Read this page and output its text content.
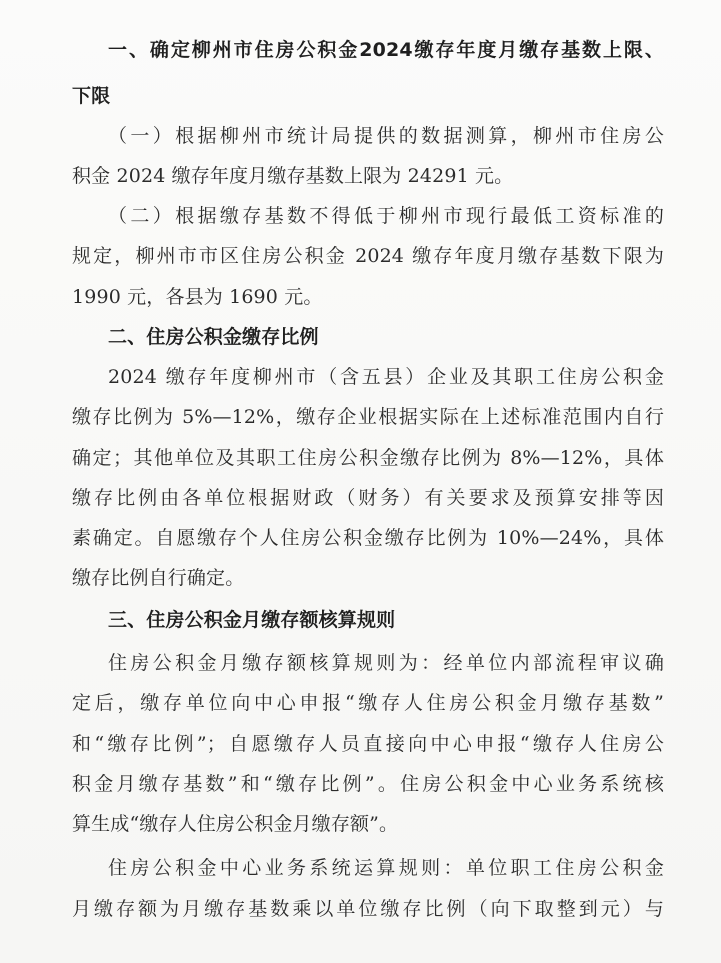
一、确定柳州市住房公积金2024缴存年度月缴存基数上限、
下限
（一）根据柳州市统计局提供的数据测算，柳州市住房公
积金 2024 缴存年度月缴存基数上限为 24291 元。
（二）根据缴存基数不得低于柳州市现行最低工资标准的
规定，柳州市市区住房公积金 2024 缴存年度月缴存基数下限为
1990 元，各县为 1690 元。
二、住房公积金缴存比例
2024 缴存年度柳州市（含五县）企业及其职工住房公积金
缴存比例为 5%—12%，缴存企业根据实际在上述标准范围内自行
确定；其他单位及其职工住房公积金缴存比例为 8%—12%，具体
缴存比例由各单位根据财政（财务）有关要求及预算安排等因
素确定。自愿缴存个人住房公积金缴存比例为 10%—24%，具体
缴存比例自行确定。
三、住房公积金月缴存额核算规则
住房公积金月缴存额核算规则为：经单位内部流程审议确
定后，缴存单位向中心申报“缴存人住房公积金月缴存基数”
和“缴存比例”；自愿缴存人员直接向中心申报“缴存人住房公
积金月缴存基数”和“缴存比例”。住房公积金中心业务系统核
算生成“缴存人住房公积金月缴存额”。
住房公积金中心业务系统运算规则：单位职工住房公积金
月缴存额为月缴存基数乘以单位缴存比例（向下取整到元）与
